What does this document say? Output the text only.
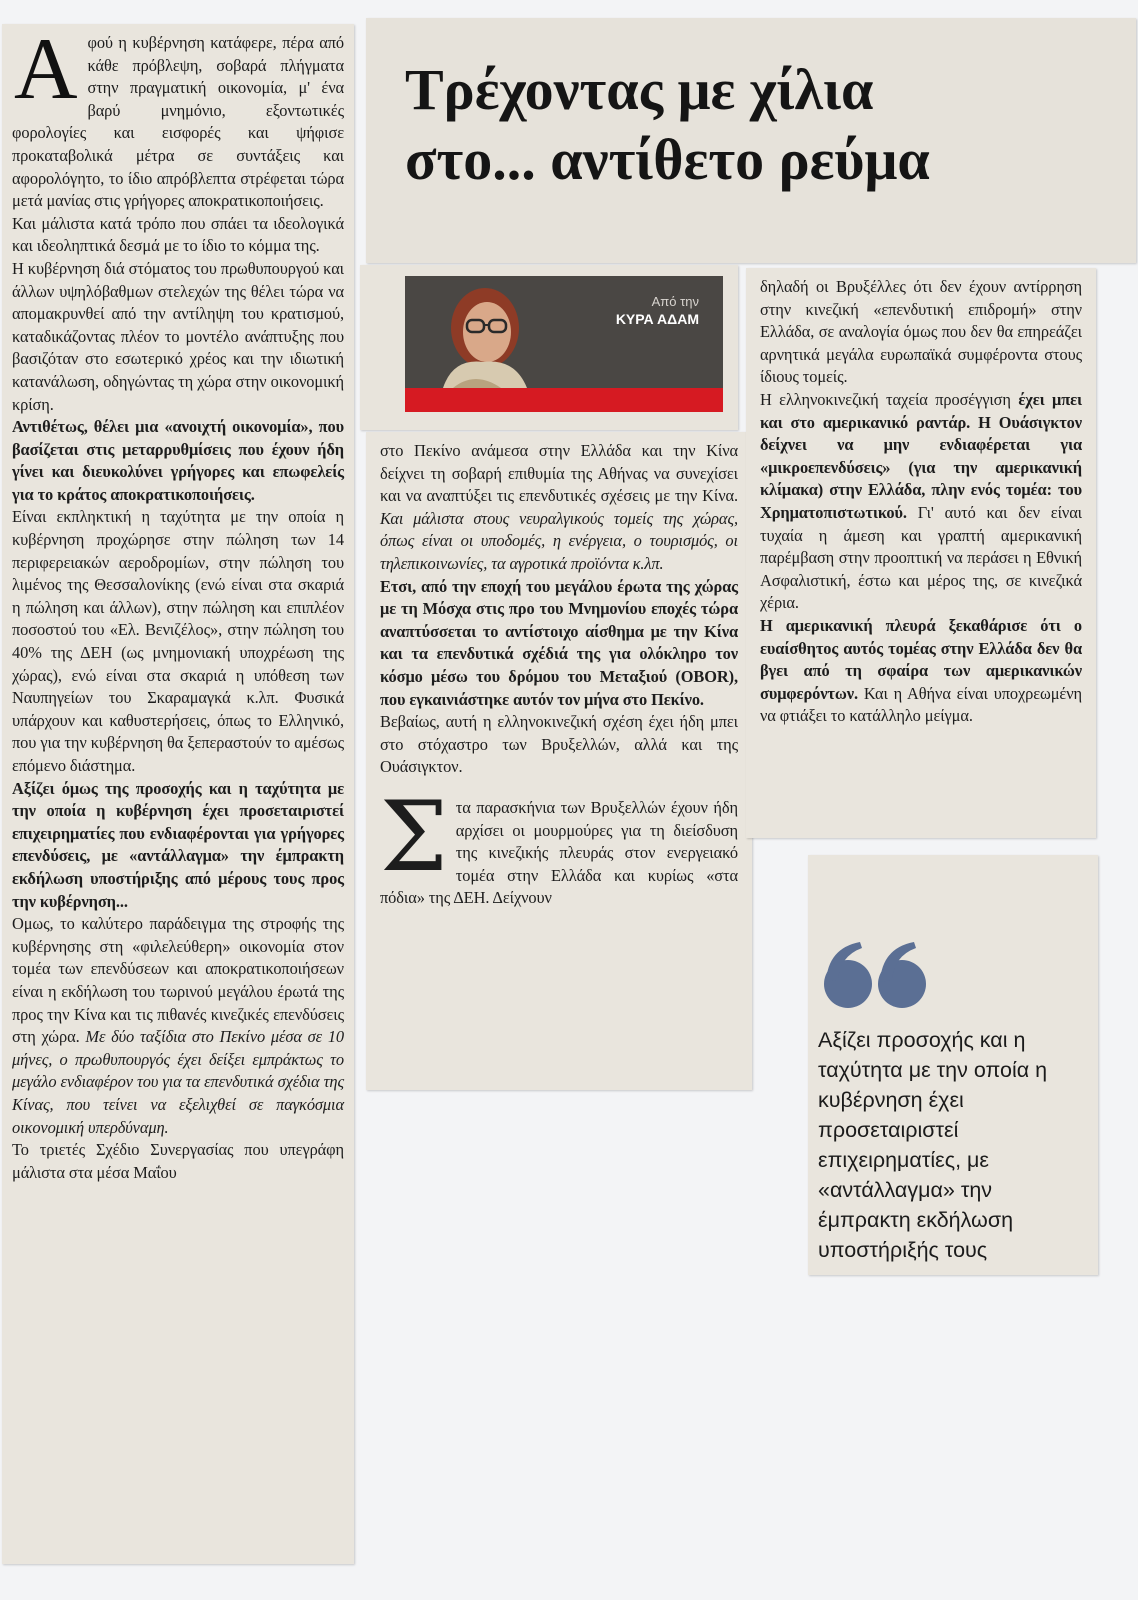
Αφού η κυβέρνηση κατάφερε, πέρα από κάθε πρόβλεψη, σοβαρά πλήγματα στην πραγματική οικονομία, μ' ένα βαρύ μνημόνιο, εξοντωτικές φορολογίες και εισφορές και ψήφισε προκαταβολικά μέτρα σε συντάξεις και αφορολόγητο, το ίδιο απρόβλεπτα στρέφεται τώρα μετά μανίας στις γρήγορες αποκρατικοποιήσεις.

Και μάλιστα κατά τρόπο που σπάει τα ιδεολογικά και ιδεοληπτικά δεσμά με το ίδιο το κόμμα της.

Η κυβέρνηση διά στόματος του πρωθυπουργού και άλλων υψηλόβαθμων στελεχών της θέλει τώρα να απομακρυνθεί από την αντίληψη του κρατισμού, καταδικάζοντας πλέον το μοντέλο ανάπτυξης που βασιζόταν στο εσωτερικό χρέος και την ιδιωτική κατανάλωση, οδηγώντας τη χώρα στην οικονομική κρίση.

Αντιθέτως, θέλει μια «ανοιχτή οικονομία», που βασίζεται στις μεταρρυθμίσεις που έχουν ήδη γίνει και διευκολύνει γρήγορες και επωφελείς για το κράτος αποκρατικοποιήσεις.

Είναι εκπληκτική η ταχύτητα με την οποία η κυβέρνηση προχώρησε στην πώληση των 14 περιφερειακών αεροδρομίων, στην πώληση του λιμένος της Θεσσαλονίκης (ενώ είναι στα σκαριά η πώληση και άλλων), στην πώληση και επιπλέον ποσοστού του «Ελ. Βενιζέλος», στην πώληση του 40% της ΔΕΗ (ως μνημονιακή υποχρέωση της χώρας), ενώ είναι στα σκαριά η υπόθεση των Ναυπηγείων του Σκαραμαγκά κ.λπ. Φυσικά υπάρχουν και καθυστερήσεις, όπως το Ελληνικό, που για την κυβέρνηση θα ξεπεραστούν το αμέσως επόμενο διάστημα.

Αξίζει όμως της προσοχής και η ταχύτητα με την οποία η κυβέρνηση έχει προσεταιριστεί επιχειρηματίες που ενδιαφέρονται για γρήγορες επενδύσεις, με «αντάλλαγμα» την έμπρακτη εκδήλωση υποστήριξης από μέρους τους προς την κυβέρνηση...

Ομως, το καλύτερο παράδειγμα της στροφής της κυβέρνησης στη «φιλελεύθερη» οικονομία στον τομέα των επενδύσεων και αποκρατικοποιήσεων είναι η εκδήλωση του τωρινού μεγάλου έρωτά της προς την Κίνα και τις πιθανές κινεζικές επενδύσεις στη χώρα. Με δύο ταξίδια στο Πεκίνο μέσα σε 10 μήνες, ο πρωθυπουργός έχει δείξει εμπράκτως το μεγάλο ενδιαφέρον του για τα επενδυτικά σχέδια της Κίνας, που τείνει να εξελιχθεί σε παγκόσμια οικονομική υπερδύναμη.

Το τριετές Σχέδιο Συνεργασίας που υπεγράφη μάλιστα στα μέσα Μαΐου

Τρέχοντας με χίλια
στο... αντίθετο ρεύμα
Από την
ΚΥΡΑ ΑΔΑΜ

στο Πεκίνο ανάμεσα στην Ελλάδα και την Κίνα δείχνει τη σοβαρή επιθυμία της Αθήνας να συνεχίσει και να αναπτύξει τις επενδυτικές σχέσεις με την Κίνα. Και μάλιστα στους νευραλγικούς τομείς της χώρας, όπως είναι οι υποδομές, η ενέργεια, ο τουρισμός, οι τηλεπικοινωνίες, τα αγροτικά προϊόντα κ.λπ.

Ετσι, από την εποχή του μεγάλου έρωτα της χώρας με τη Μόσχα στις προ του Μνημονίου εποχές τώρα αναπτύσσεται το αντίστοιχο αίσθημα με την Κίνα και τα επενδυτικά σχέδιά της για ολόκληρο τον κόσμο μέσω του δρόμου του Μεταξιού (OBOR), που εγκαινιάστηκε αυτόν τον μήνα στο Πεκίνο.

Βεβαίως, αυτή η ελληνοκινεζική σχέση έχει ήδη μπει στο στόχαστρο των Βρυξελλών, αλλά και της Ουάσιγκτον.

Στα παρασκήνια των Βρυξελλών έχουν ήδη αρχίσει οι μουρμούρες για τη διείσδυση της κινεζικής πλευράς στον ενεργειακό τομέα στην Ελλάδα και κυρίως «στα πόδια» της ΔΕΗ. Δείχνουν

δηλαδή οι Βρυξέλλες ότι δεν έχουν αντίρρηση στην κινεζική «επενδυτική επιδρομή» στην Ελλάδα, σε αναλογία όμως που δεν θα επηρεάζει αρνητικά μεγάλα ευρωπαϊκά συμφέροντα στους ίδιους τομείς.

Η ελληνοκινεζική ταχεία προσέγγιση έχει μπει και στο αμερικανικό ραντάρ. Η Ουάσιγκτον δείχνει να μην ενδιαφέρεται για «μικροεπενδύσεις» (για την αμερικανική κλίμακα) στην Ελλάδα, πλην ενός τομέα: του Χρηματοπιστωτικού. Γι' αυτό και δεν είναι τυχαία η άμεση και γραπτή αμερικανική παρέμβαση στην προοπτική να περάσει η Εθνική Ασφαλιστική, έστω και μέρος της, σε κινεζικά χέρια.

Η αμερικανική πλευρά ξεκαθάρισε ότι ο ευαίσθητος αυτός τομέας στην Ελλάδα δεν θα βγει από τη σφαίρα των αμερικανικών συμφερόντων. Και η Αθήνα είναι υποχρεωμένη να φτιάξει το κατάλληλο μείγμα.

Αξίζει προσοχής και η ταχύτητα με την οποία η κυβέρνηση έχει προσεταιριστεί επιχειρηματίες, με «αντάλλαγμα» την έμπρακτη εκδήλωση υποστήριξής τους
